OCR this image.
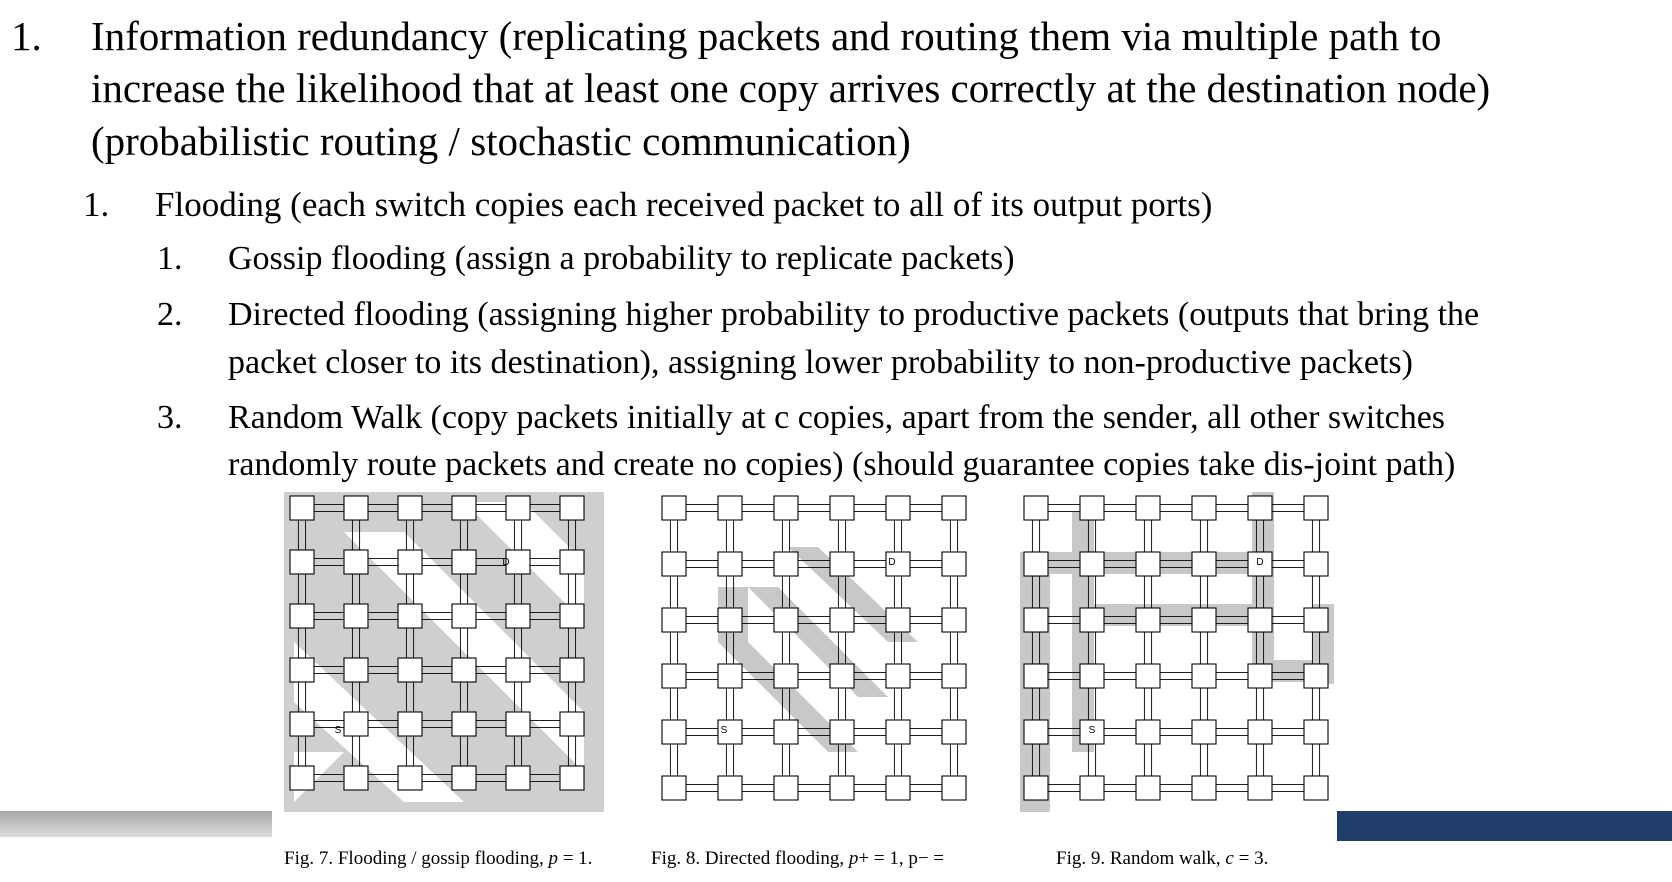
1. Information redundancy (replicating packets and routing them via multiple path to
increase the likelihood that at least one copy arrives correctly at the destination node)
(probabilistic routing / stochastic communication)
1. Flooding (each switch copies each received packet to all of its output ports)
1. Gossip flooding (assign a probability to replicate packets)
2. Directed flooding (assigning higher probability to productive packets (outputs that bring the
packet closer to its destination), assigning lower probability to non-productive packets)
3. Random Walk (copy packets initially at c copies, apart from the sender, all other switches
randomly route packets and create no copies) (should guarantee copies take dis-joint path)
S
D
S
D
S
D
Fig. 7. Flooding / gossip flooding, p = 1.	Fig. 8. Directed flooding, p+ = 1, p− =	Fig. 9. Random walk, c = 3.
